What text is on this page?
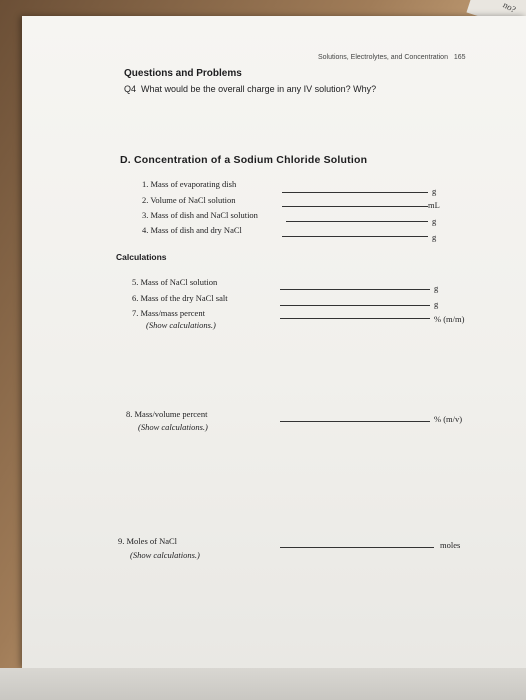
no?
Solutions, Electrolytes, and Concentration 165
Questions and Problems
Q4 What would be the overall charge in any IV solution? Why?
D. Concentration of a Sodium Chloride Solution
1. Mass of evaporating dish
g
2. Volume of NaCl solution	mL
3. Mass of dish and NaCl solution
g
4. Mass of dish and dry NaCl
g
Calculations
5. Mass of NaCl solution
g
6. Mass of the dry NaCl salt
g
7. Mass/mass percent
(Show calculations.)
% (m/m)
8. Mass/volume percent
(Show calculations.)
% (m/v)
9. Moles of NaCl
(Show calculations.)
moles
